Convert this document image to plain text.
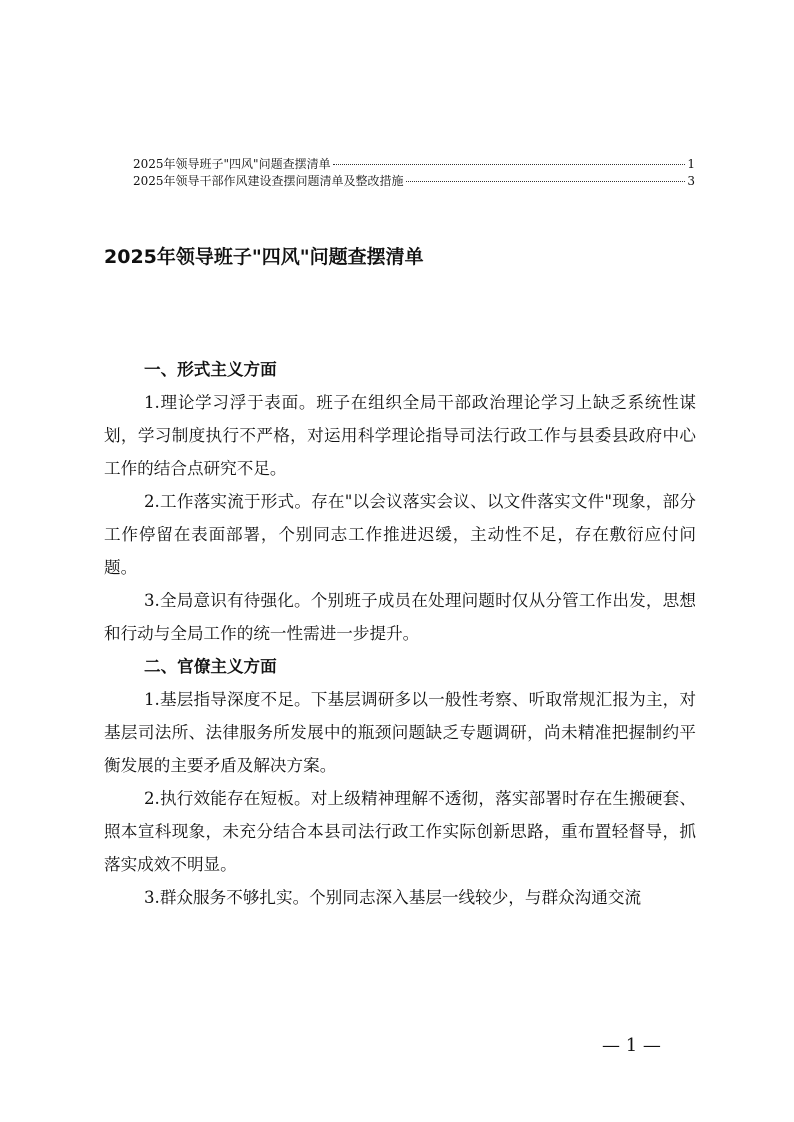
2025年领导班子"四风"问题查摆清单	1
2025年领导干部作风建设查摆问题清单及整改措施	3
2025年领导班子"四风"问题查摆清单
一、形式主义方面

1.理论学习浮于表面。班子在组织全局干部政治理论学习上缺乏系统性谋划，学习制度执行不严格，对运用科学理论指导司法行政工作与县委县政府中心工作的结合点研究不足。

2.工作落实流于形式。存在"以会议落实会议、以文件落实文件"现象，部分工作停留在表面部署，个别同志工作推进迟缓，主动性不足，存在敷衍应付问题。

3.全局意识有待强化。个别班子成员在处理问题时仅从分管工作出发，思想和行动与全局工作的统一性需进一步提升。

二、官僚主义方面

1.基层指导深度不足。下基层调研多以一般性考察、听取常规汇报为主，对基层司法所、法律服务所发展中的瓶颈问题缺乏专题调研，尚未精准把握制约平衡发展的主要矛盾及解决方案。

2.执行效能存在短板。对上级精神理解不透彻，落实部署时存在生搬硬套、照本宣科现象，未充分结合本县司法行政工作实际创新思路，重布置轻督导，抓落实成效不明显。

3.群众服务不够扎实。个别同志深入基层一线较少，与群众沟通交流

— 1 —
